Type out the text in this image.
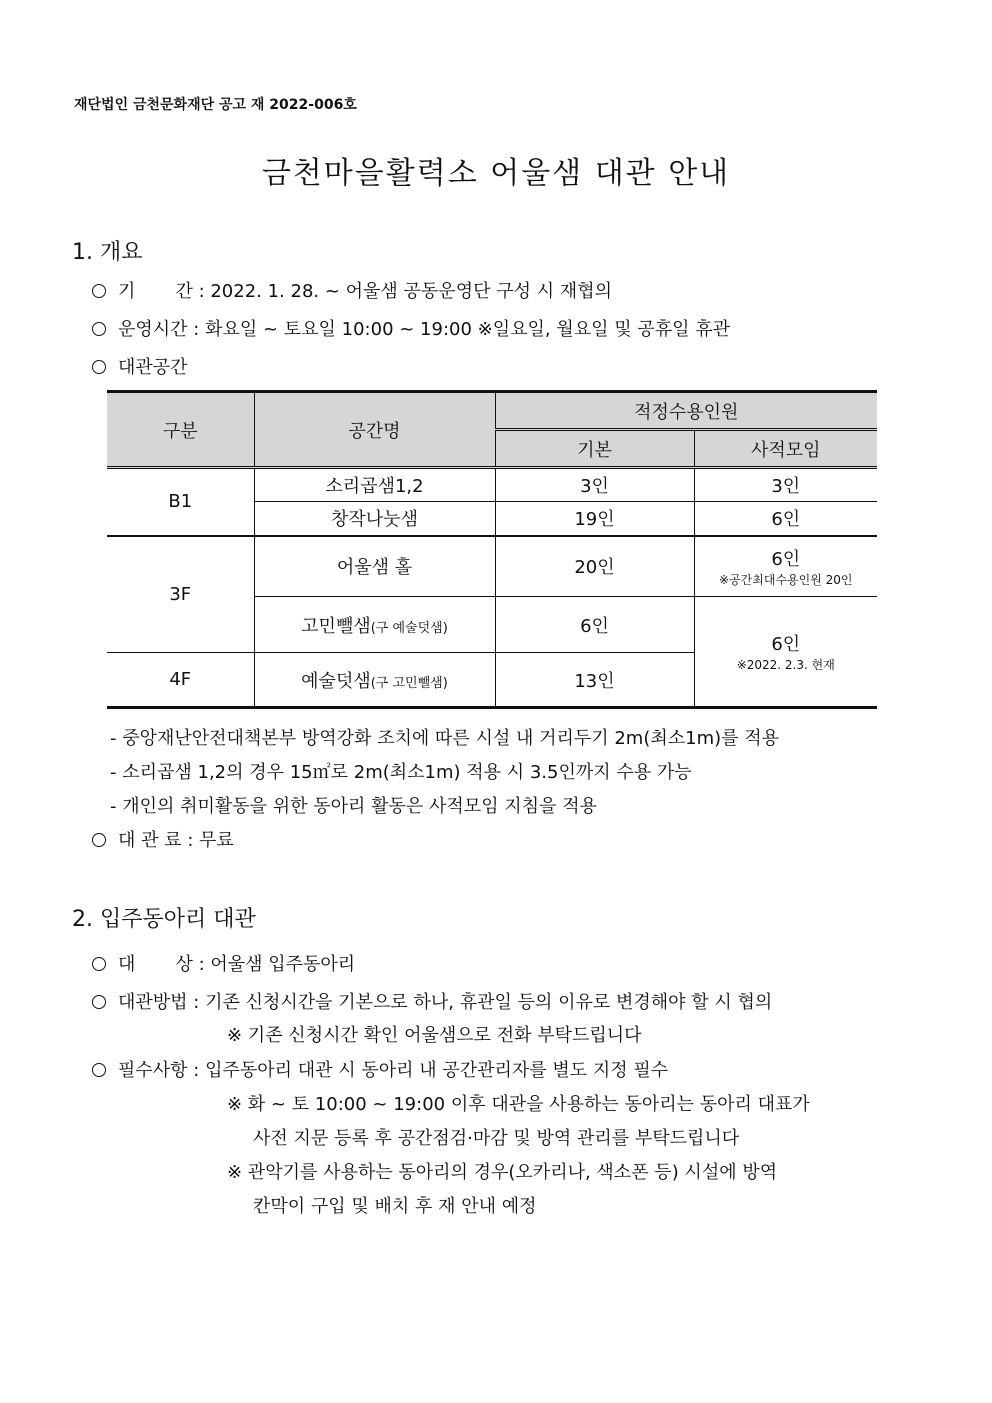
재단법인 금천문화재단 공고 재 2022-006호
금천마을활력소 어울샘 대관 안내
1. 개요
기       간 : 2022. 1. 28. ~ 어울샘 공동운영단 구성 시 재협의
운영시간 : 화요일 ~ 토요일 10:00 ~ 19:00 ※일요일, 월요일 및 공휴일 휴관
대관공간
구분	공간명	적정수용인원	
		기본	사적모임
B1	소리곱샘1,2	3인	3인
	창작나눗샘	19인	6인
3F	어울샘 홀	20인	6인
※공간최대수용인원 20인

	고민뺄샘(구 예술덧샘)	6인	6인
※2022. 2.3. 현재

4F	예술덧샘(구 고민뺄샘)	13인	
- 중앙재난안전대책본부 방역강화 조치에 따른 시설 내 거리두기 2m(최소1m)를 적용
- 소리곱샘 1,2의 경우 15㎡로 2m(최소1m) 적용 시 3.5인까지 수용 가능
- 개인의 취미활동을 위한 동아리 활동은 사적모임 지침을 적용
대 관 료 : 무료
2. 입주동아리 대관
대       상 : 어울샘 입주동아리
대관방법 : 기존 신청시간을 기본으로 하나, 휴관일 등의 이유로 변경해야 할 시 협의
※ 기존 신청시간 확인 어울샘으로 전화 부탁드립니다
필수사항 : 입주동아리 대관 시 동아리 내 공간관리자를 별도 지정 필수
※ 화 ~ 토 10:00 ~ 19:00 이후 대관을 사용하는 동아리는 동아리 대표가
사전 지문 등록 후 공간점검·마감 및 방역 관리를 부탁드립니다
※ 관악기를 사용하는 동아리의 경우(오카리나, 색소폰 등) 시설에 방역
칸막이 구입 및 배치 후 재 안내 예정
